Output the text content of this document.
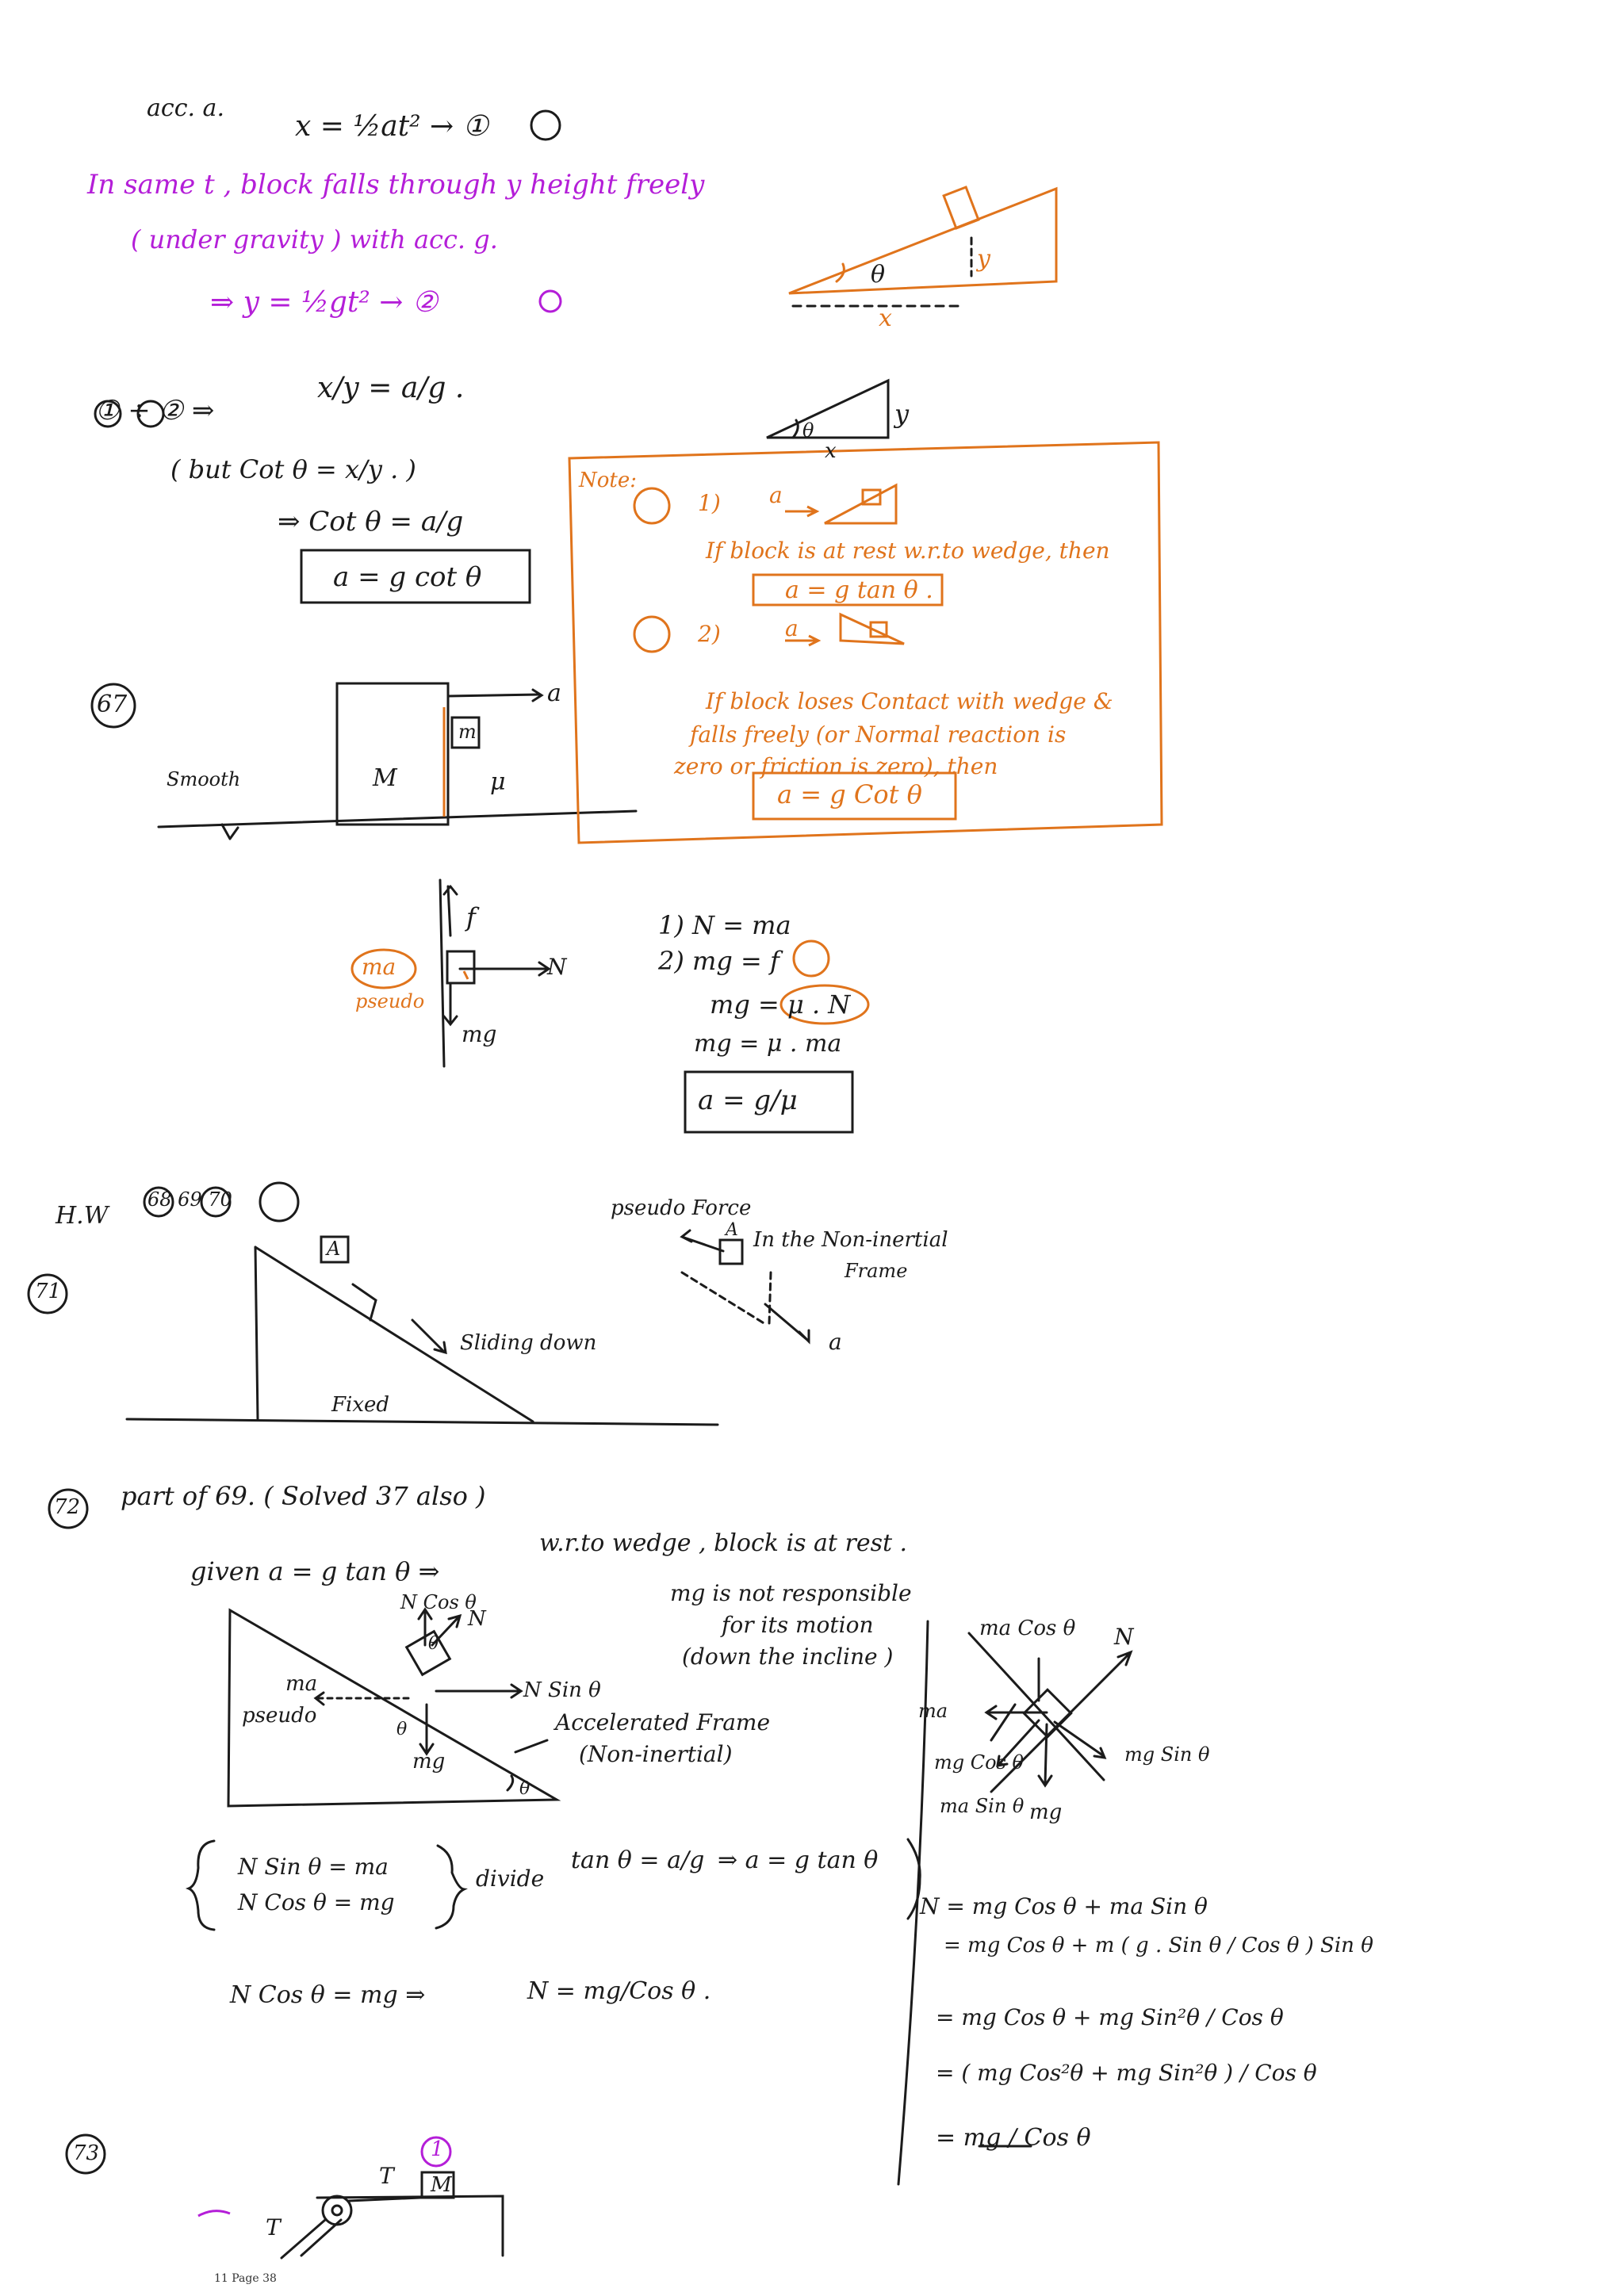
acc. a.
x = ½at² → ①
In same t , block falls through y height freely
( under gravity ) with acc. g.
⇒ y = ½gt² → ②
θ
x
y
y
x
θ
① ÷ ② ⇒
x/y = a/g .
( but Cot θ = x/y . )
⇒ Cot θ = a/g
a = g cot θ
Note:
1) a
If block is at rest w.r.to wedge, then
a = g tan θ .
2)	a
If block loses Contact with wedge &
falls freely (or Normal reaction is
zero or friction is zero), then
a = g Cot θ
67
Smooth	M
m
μ
a
f
N
mg
ma
pseudo
1) N = ma
2) mg = f
mg = μ . N
mg = μ . ma
a = g/μ
H.W
68 69 70
71
A
Sliding down
Fixed
pseudo Force
A In the Non-inertial
Frame
a
72 part of 69. ( Solved 37 also )
given a = g tan θ ⇒
w.r.to wedge , block is at rest .
mg is not responsible
for its motion
(down the incline )
N Cos θ
N
N Sin θ
ma
pseudo
mg
Accelerated Frame
(Non-inertial)
θ
θ
θ
N Sin θ = ma
N Cos θ = mg
divide
tan θ = a/g ⇒ a = g tan θ
N Cos θ = mg ⇒	N = mg/Cos θ .
ma Cos θ N
ma
mg Cos θ
ma Sin θ mg
mg Sin θ
N = mg Cos θ + ma Sin θ
= mg Cos θ + m ( g . Sin θ / Cos θ ) Sin θ
= mg Cos θ + mg Sin²θ / Cos θ
= ( mg Cos²θ + mg Sin²θ ) / Cos θ
= mg / Cos θ
73	1
T
T
M
11 Page 38
